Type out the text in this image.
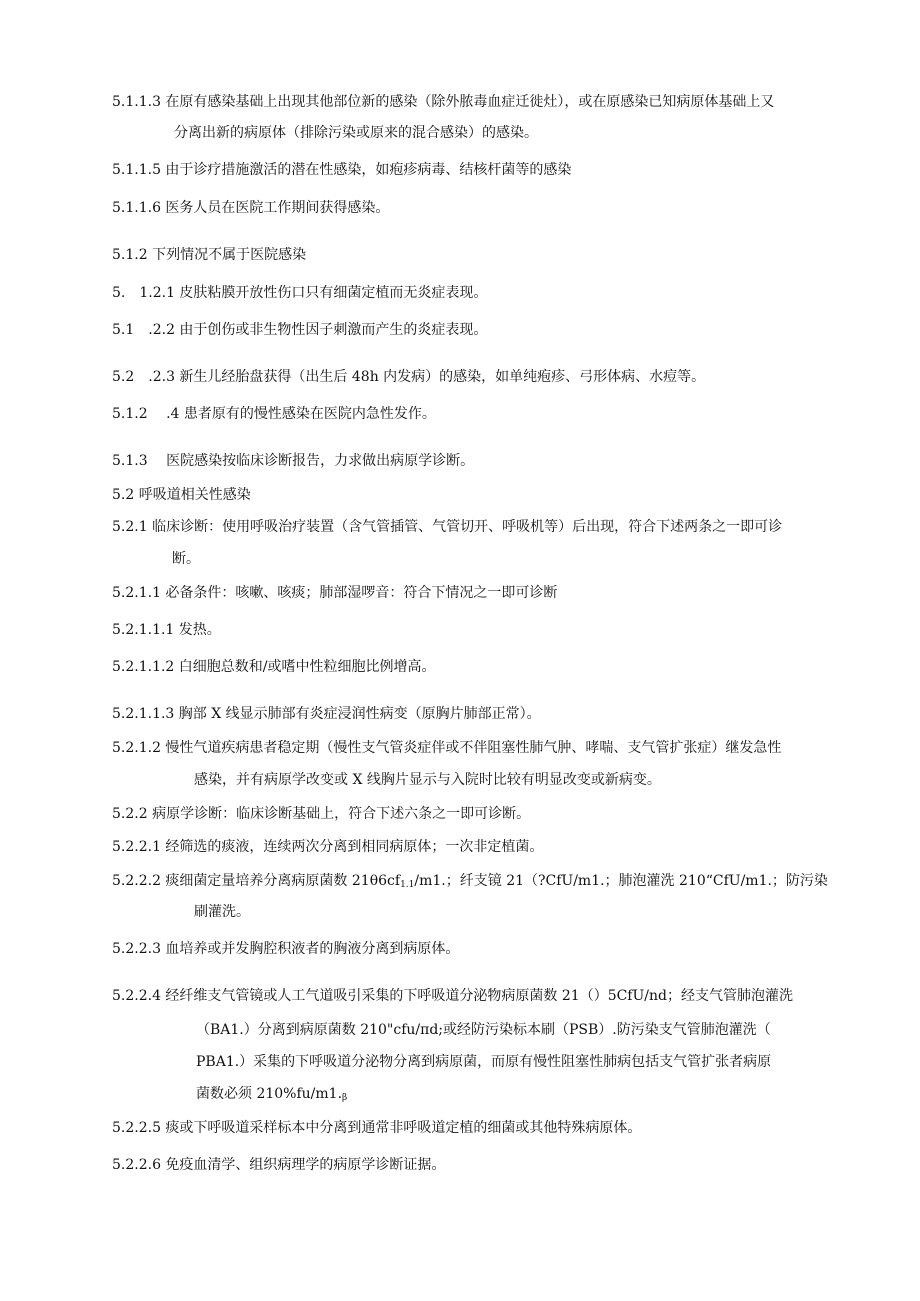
5.1.1.3 在原有感染基础上出现其他部位新的感染（除外脓毒血症迁徙灶），或在原感染已知病原体基础上又
分离出新的病原体（排除污染或原来的混合感染）的感染。
5.1.1.5 由于诊疗措施激活的潜在性感染，如疱疹病毒、结核杆菌等的感染
5.1.1.6 医务人员在医院工作期间获得感染。
5.1.2 下列情况不属于医院感染
5.　1.2.1 皮肤粘膜开放性伤口只有细菌定植而无炎症表现。
5.1　.2.2 由于创伤或非生物性因子刺激而产生的炎症表现。
5.2　.2.3 新生儿经胎盘获得（出生后 48h 内发病）的感染，如单纯疱疹、弓形体病、水痘等。
5.1.2　 .4 患者原有的慢性感染在医院内急性发作。
5.1.3　 医院感染按临床诊断报告，力求做出病原学诊断。
5.2 呼吸道相关性感染
5.2.1 临床诊断：使用呼吸治疗装置（含气管插管、气管切开、呼吸机等）后出现，符合下述两条之一即可诊
断。
5.2.1.1 必备条件：咳嗽、咳痰；肺部湿啰音：符合下情况之一即可诊断
5.2.1.1.1 发热。
5.2.1.1.2 白细胞总数和/或嗜中性粒细胞比例增高。
5.2.1.1.3 胸部 X 线显示肺部有炎症浸润性病变（原胸片肺部正常）。
5.2.1.2 慢性气道疾病患者稳定期（慢性支气管炎症伴或不伴阻塞性肺气肿、哮喘、支气管扩张症）继发急性
感染，并有病原学改变或 X 线胸片显示与入院时比较有明显改变或新病变。
5.2.2 病原学诊断：临床诊断基础上，符合下述六条之一即可诊断。
5.2.2.1 经筛选的痰液，连续两次分离到相同病原体；一次非定植菌。
5.2.2.2 痰细菌定量培养分离病原菌数 $21\theta 6cf_{1.1}/m1$.；纤支镜 21（?CfU/m1.；肺泡灌洗 210“CfU/m1.；防污染
刷灌洗。
5.2.2.3 血培养或并发胸腔积液者的胸液分离到病原体。
5.2.2.4 经纤维支气管镜或人工气道吸引采集的下呼吸道分泌物病原菌数 21（）5CfU/nd；经支气管肺泡灌洗
（BA1.）分离到病原菌数 210"cfu/πd;或经防污染标本刷（PSB）.防污染支气管肺泡灌洗（
PBA1.）采集的下呼吸道分泌物分离到病原菌，而原有慢性阻塞性肺病包括支气管扩张者病原
菌数必须 $210\%fu/m1._\beta$
5.2.2.5 痰或下呼吸道采样标本中分离到通常非呼吸道定植的细菌或其他特殊病原体。
5.2.2.6 免疫血清学、组织病理学的病原学诊断证据。
